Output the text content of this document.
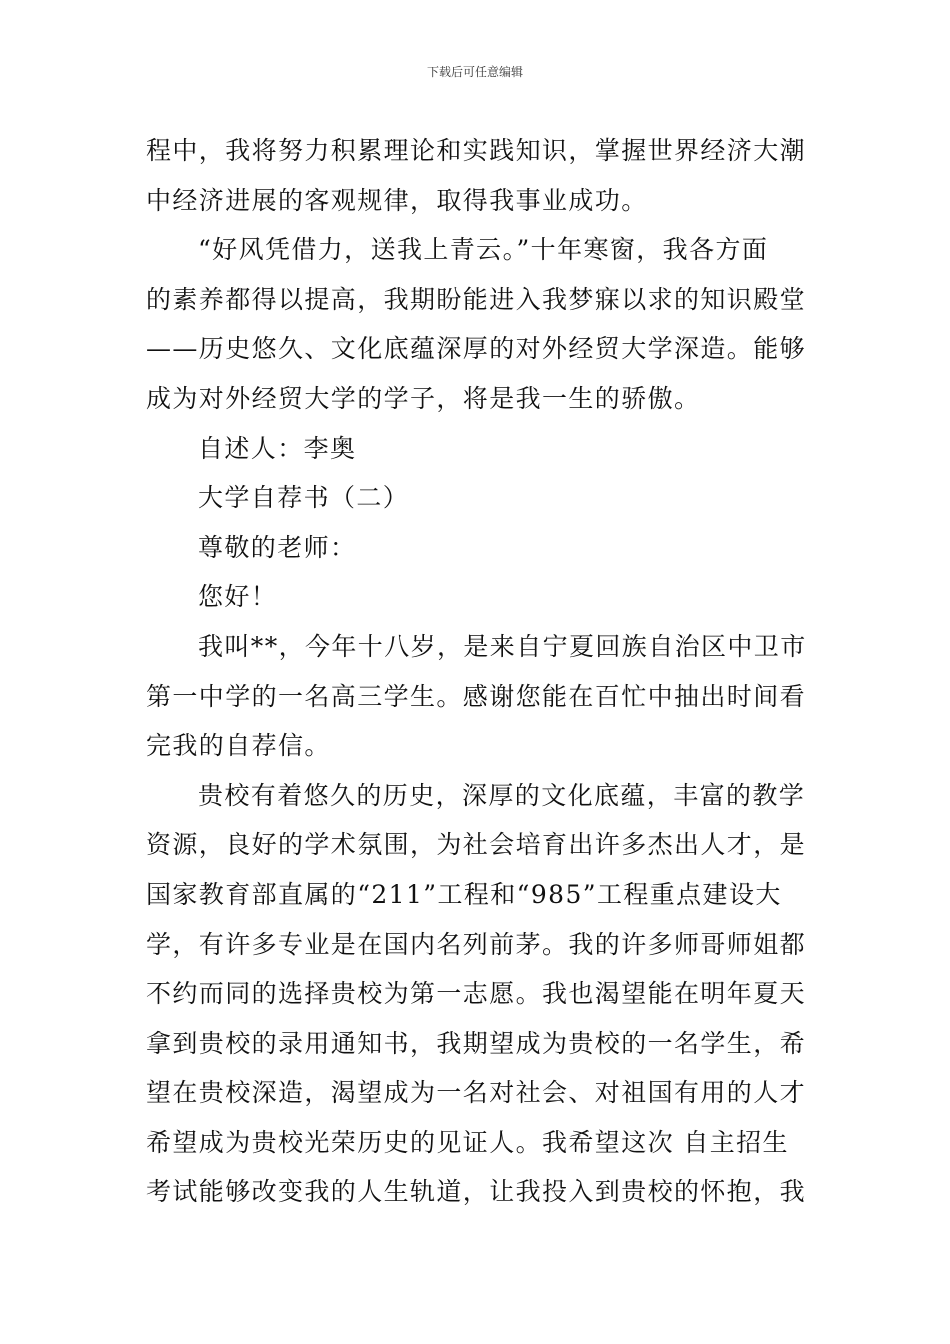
下载后可任意编辑
程中，我将努力积累理论和实践知识，掌握世界经济大潮
中经济进展的客观规律，取得我事业成功。
“好风凭借力，送我上青云。”十年寒窗，我各方面
的素养都得以提高，我期盼能进入我梦寐以求的知识殿堂
——历史悠久、文化底蕴深厚的对外经贸大学深造。能够
成为对外经贸大学的学子，将是我一生的骄傲。
自述人：李奥
大学自荐书（二）
尊敬的老师：
您好！
我叫**，今年十八岁，是来自宁夏回族自治区中卫市
第一中学的一名高三学生。感谢您能在百忙中抽出时间看
完我的自荐信。
贵校有着悠久的历史，深厚的文化底蕴，丰富的教学
资源，良好的学术氛围，为社会培育出许多杰出人才，是
国家教育部直属的“211”工程和“985”工程重点建设大
学，有许多专业是在国内名列前茅。我的许多师哥师姐都
不约而同的选择贵校为第一志愿。我也渴望能在明年夏天
拿到贵校的录用通知书，我期望成为贵校的一名学生，希
望在贵校深造，渴望成为一名对社会、对祖国有用的人才
希望成为贵校光荣历史的见证人。我希望这次 自主招生
考试能够改变我的人生轨道，让我投入到贵校的怀抱，我
